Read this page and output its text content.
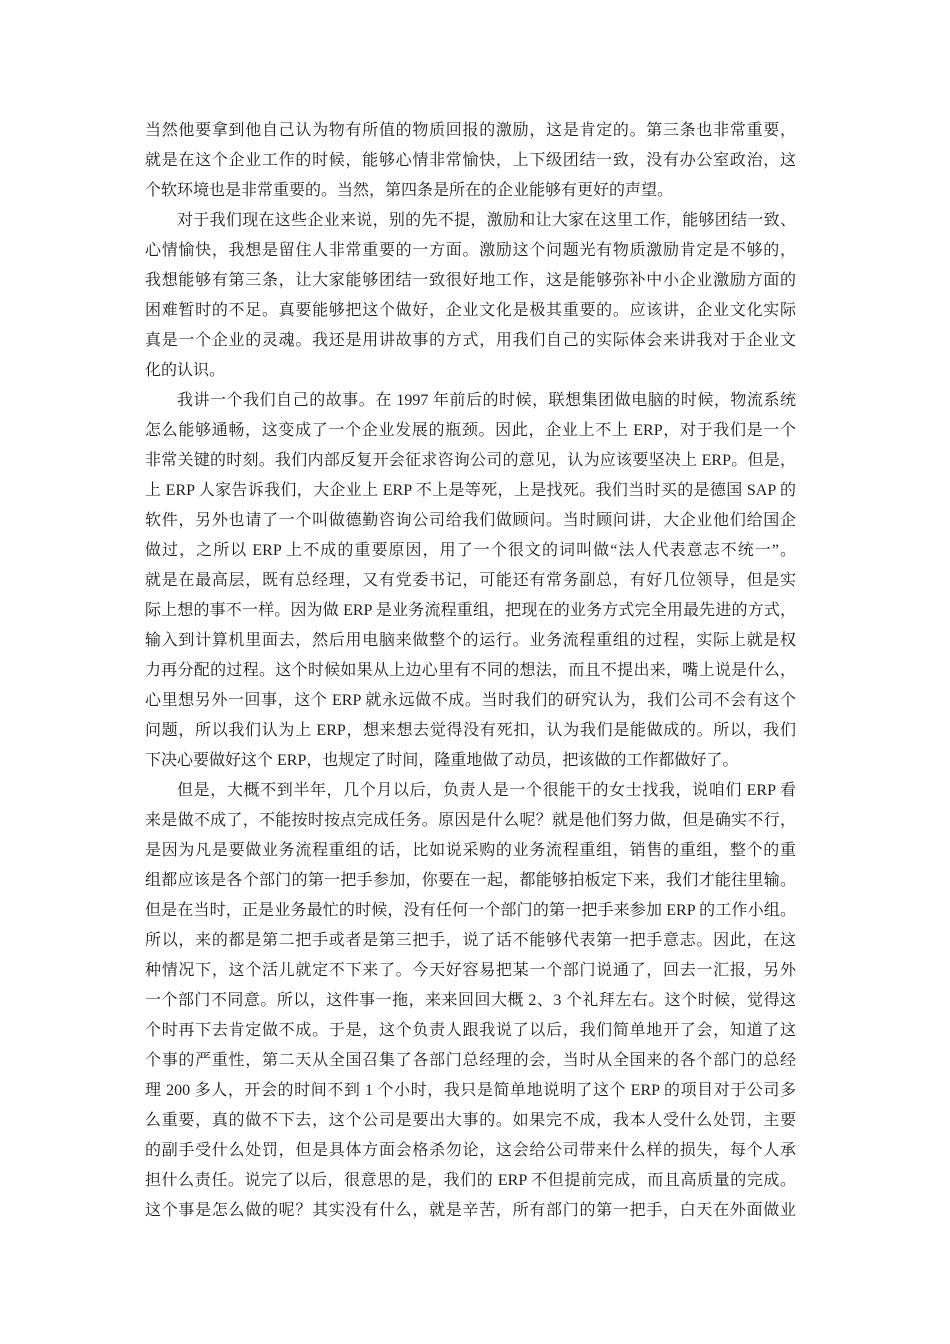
当然他要拿到他自己认为物有所值的物质回报的激励，这是肯定的。第三条也非常重要，
就是在这个企业工作的时候，能够心情非常愉快，上下级团结一致，没有办公室政治，这
个软环境也是非常重要的。当然，第四条是所在的企业能够有更好的声望。
对于我们现在这些企业来说，别的先不提，激励和让大家在这里工作，能够团结一致、
心情愉快，我想是留住人非常重要的一方面。激励这个问题光有物质激励肯定是不够的，
我想能够有第三条，让大家能够团结一致很好地工作，这是能够弥补中小企业激励方面的
困难暂时的不足。真要能够把这个做好，企业文化是极其重要的。应该讲，企业文化实际
真是一个企业的灵魂。我还是用讲故事的方式，用我们自己的实际体会来讲我对于企业文
化的认识。
我讲一个我们自己的故事。在 1997 年前后的时候，联想集团做电脑的时候，物流系统
怎么能够通畅，这变成了一个企业发展的瓶颈。因此，企业上不上 ERP，对于我们是一个
非常关键的时刻。我们内部反复开会征求咨询公司的意见，认为应该要坚决上 ERP。但是，
上 ERP 人家告诉我们，大企业上 ERP 不上是等死，上是找死。我们当时买的是德国 SAP 的
软件，另外也请了一个叫做德勤咨询公司给我们做顾问。当时顾问讲，大企业他们给国企
做过，之所以 ERP 上不成的重要原因，用了一个很文的词叫做“法人代表意志不统一”。
就是在最高层，既有总经理，又有党委书记，可能还有常务副总，有好几位领导，但是实
际上想的事不一样。因为做 ERP 是业务流程重组，把现在的业务方式完全用最先进的方式，
输入到计算机里面去，然后用电脑来做整个的运行。业务流程重组的过程，实际上就是权
力再分配的过程。这个时候如果从上边心里有不同的想法，而且不提出来，嘴上说是什么，
心里想另外一回事，这个 ERP 就永远做不成。当时我们的研究认为，我们公司不会有这个
问题，所以我们认为上 ERP，想来想去觉得没有死扣，认为我们是能做成的。所以，我们
下决心要做好这个 ERP，也规定了时间，隆重地做了动员，把该做的工作都做好了。
但是，大概不到半年，几个月以后，负责人是一个很能干的女士找我，说咱们 ERP 看
来是做不成了，不能按时按点完成任务。原因是什么呢？就是他们努力做，但是确实不行，
是因为凡是要做业务流程重组的话，比如说采购的业务流程重组，销售的重组，整个的重
组都应该是各个部门的第一把手参加，你要在一起，都能够拍板定下来，我们才能往里输。
但是在当时，正是业务最忙的时候，没有任何一个部门的第一把手来参加 ERP 的工作小组。
所以，来的都是第二把手或者是第三把手，说了话不能够代表第一把手意志。因此，在这
种情况下，这个活儿就定不下来了。今天好容易把某一个部门说通了，回去一汇报，另外
一个部门不同意。所以，这件事一拖，来来回回大概 2、3 个礼拜左右。这个时候，觉得这
个时再下去肯定做不成。于是，这个负责人跟我说了以后，我们简单地开了会，知道了这
个事的严重性，第二天从全国召集了各部门总经理的会，当时从全国来的各个部门的总经
理 200 多人，开会的时间不到 1 个小时，我只是简单地说明了这个 ERP 的项目对于公司多
么重要，真的做不下去，这个公司是要出大事的。如果完不成，我本人受什么处罚，主要
的副手受什么处罚，但是具体方面会格杀勿论，这会给公司带来什么样的损失，每个人承
担什么责任。说完了以后，很意思的是，我们的 ERP 不但提前完成，而且高质量的完成。
这个事是怎么做的呢？其实没有什么，就是辛苦，所有部门的第一把手，白天在外面做业
